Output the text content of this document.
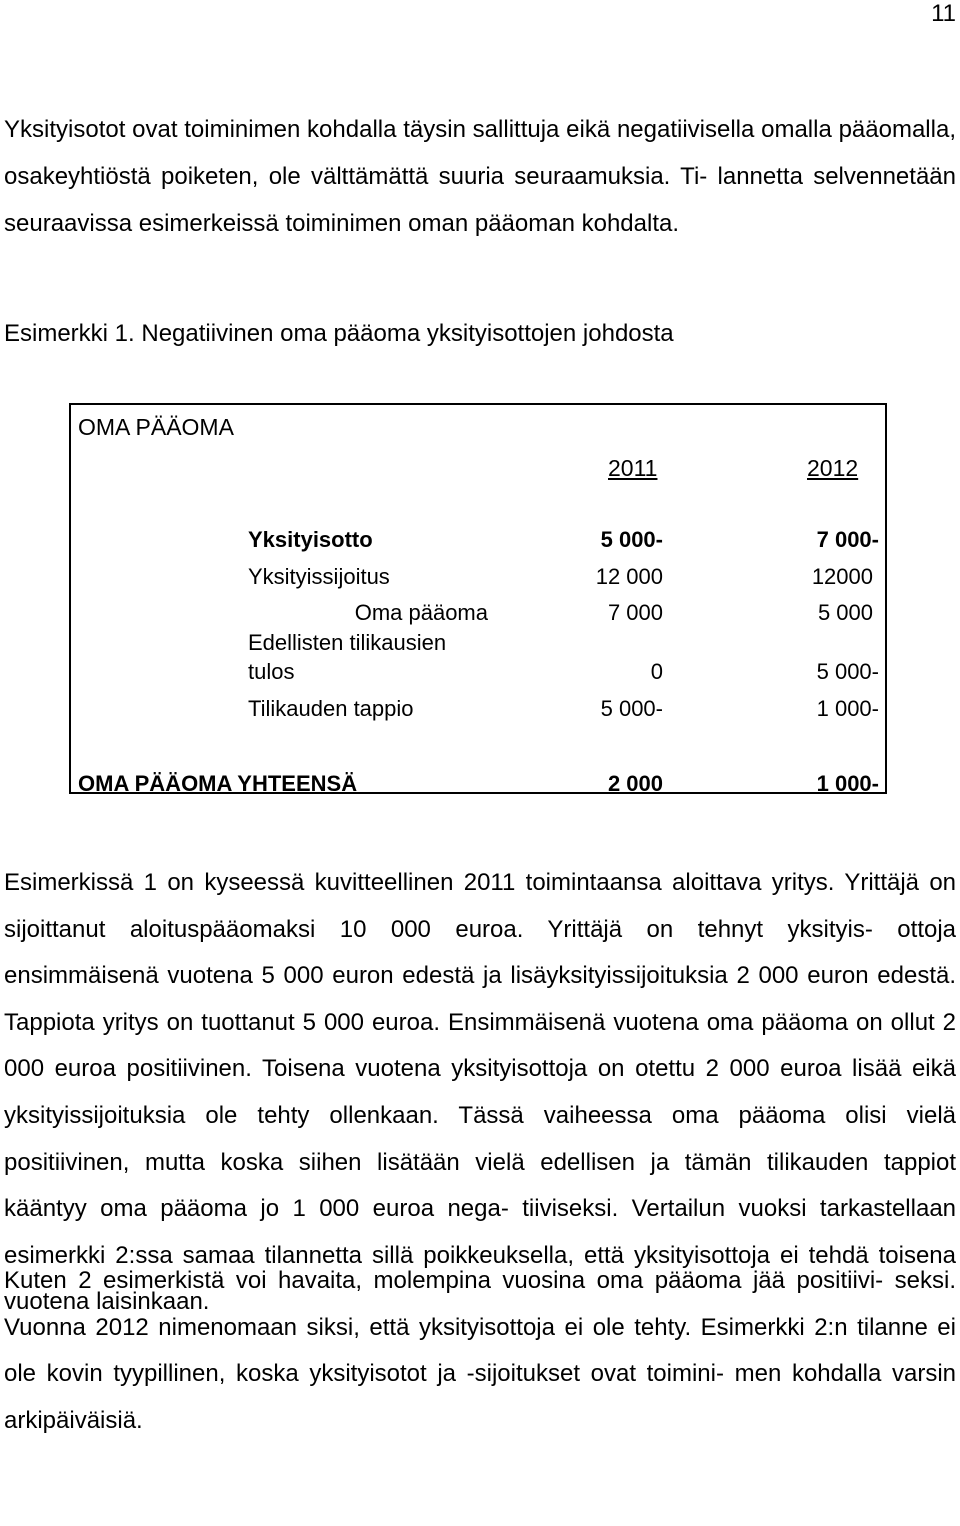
11
Yksityisotot ovat toiminimen kohdalla täysin sallittuja eikä negatiivisella omalla pääomalla, osakeyhtiöstä poiketen, ole välttämättä suuria seuraamuksia. Ti- lannetta selvennetään seuraavissa esimerkeissä toiminimen oman pääoman kohdalta.
Esimerkki 1. Negatiivinen oma pääoma yksityisottojen johdosta
OMA PÄÄOMA
2011	2012
Yksityisotto	5 000-	7 000-
Yksityissijoitus	12 000	12000
Oma pääoma	7 000	5 000
Edellisten tilikausien
tulos	0	5 000-
Tilikauden tappio	5 000-	1 000-
OMA PÄÄOMA YHTEENSÄ	2 000	1 000-
Esimerkissä 1 on kyseessä kuvitteellinen 2011 toimintaansa aloittava yritys. Yrittäjä on sijoittanut aloituspääomaksi 10 000 euroa. Yrittäjä on tehnyt yksityis- ottoja ensimmäisenä vuotena 5 000 euron edestä ja lisäyksityissijoituksia 2 000 euron edestä. Tappiota yritys on tuottanut 5 000 euroa. Ensimmäisenä vuotena oma pääoma on ollut 2 000 euroa positiivinen. Toisena vuotena yksityisottoja on otettu 2 000 euroa lisää eikä yksityissijoituksia ole tehty ollenkaan. Tässä vaiheessa oma pääoma olisi vielä positiivinen, mutta koska siihen lisätään vielä edellisen ja tämän tilikauden tappiot kääntyy oma pääoma jo 1 000 euroa nega- tiiviseksi. Vertailun vuoksi tarkastellaan esimerkki 2:ssa samaa tilannetta sillä poikkeuksella, että yksityisottoja ei tehdä toisena vuotena laisinkaan.
Kuten 2 esimerkistä voi havaita, molempina vuosina oma pääoma jää positiivi- seksi. Vuonna 2012 nimenomaan siksi, että yksityisottoja ei ole tehty. Esimerkki 2:n tilanne ei ole kovin tyypillinen, koska yksityisotot ja -sijoitukset ovat toimini- men kohdalla varsin arkipäiväisiä.
